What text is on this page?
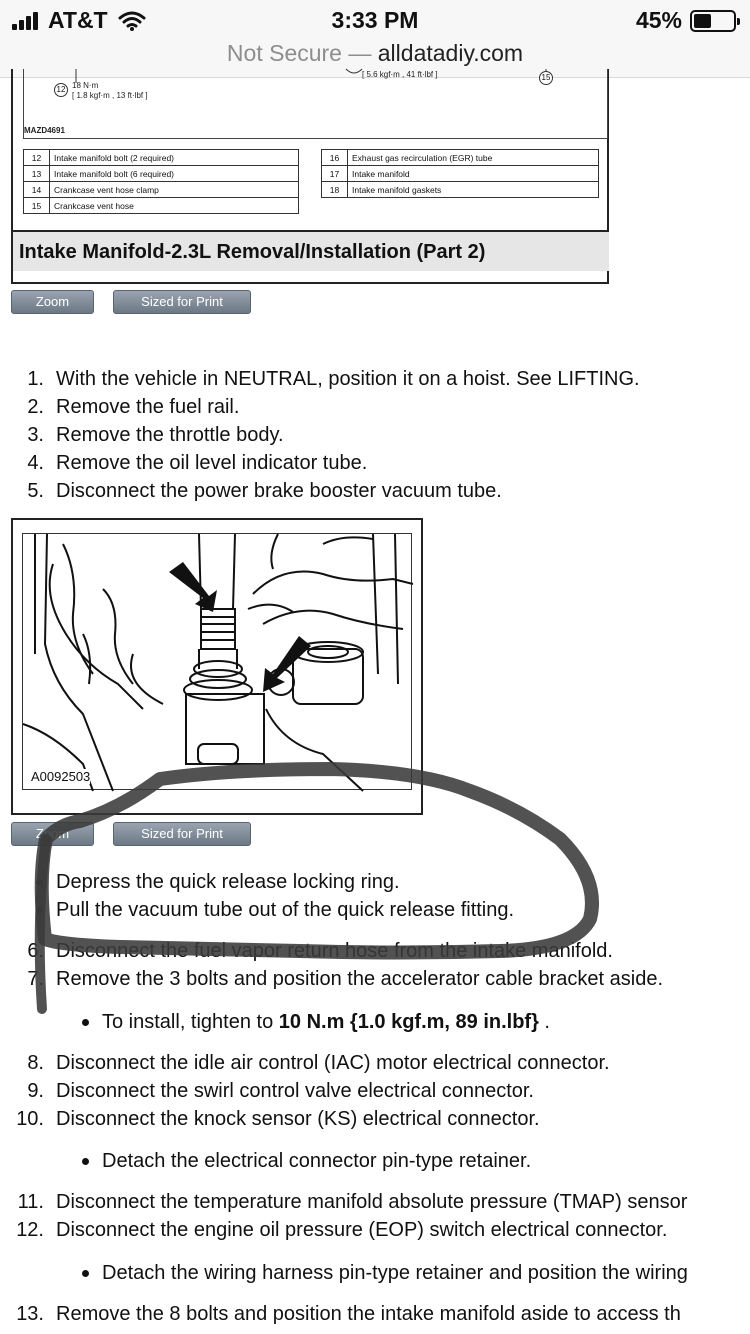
AT&T	3:33 PM	45%
Not Secure — alldatadiy.com
12 18 N·m
[ 1.8 kgf·m , 13 ft·lbf ]
[ 5.6 kgf·m , 41 ft·lbf ]	15
MAZD4691
12	Intake manifold bolt (2 required)
13	Intake manifold bolt (6 required)
14	Crankcase vent hose clamp
15	Crankcase vent hose
16	Exhaust gas recirculation (EGR) tube
17	Intake manifold
18	Intake manifold gaskets
Intake Manifold-2.3L Removal/Installation (Part 2)
Zoom	Sized for Print
1. With the vehicle in NEUTRAL, position it on a hoist. See LIFTING.
2. Remove the fuel rail.
3. Remove the throttle body.
4. Remove the oil level indicator tube.
5. Disconnect the power brake booster vacuum tube.
A0092503
Zoom	Sized for Print
Depress the quick release locking ring.
Pull the vacuum tube out of the quick release fitting.
6. Disconnect the fuel vapor return hose from the intake manifold.
7. Remove the 3 bolts and position the accelerator cable bracket aside.
To install, tighten to 10 N.m {1.0 kgf.m, 89 in.lbf} .
8. Disconnect the idle air control (IAC) motor electrical connector.
9. Disconnect the swirl control valve electrical connector.
10. Disconnect the knock sensor (KS) electrical connector.
Detach the electrical connector pin-type retainer.
11. Disconnect the temperature manifold absolute pressure (TMAP) sensor
12. Disconnect the engine oil pressure (EOP) switch electrical connector.
Detach the wiring harness pin-type retainer and position the wiring
13. Remove the 8 bolts and position the intake manifold aside to access th
